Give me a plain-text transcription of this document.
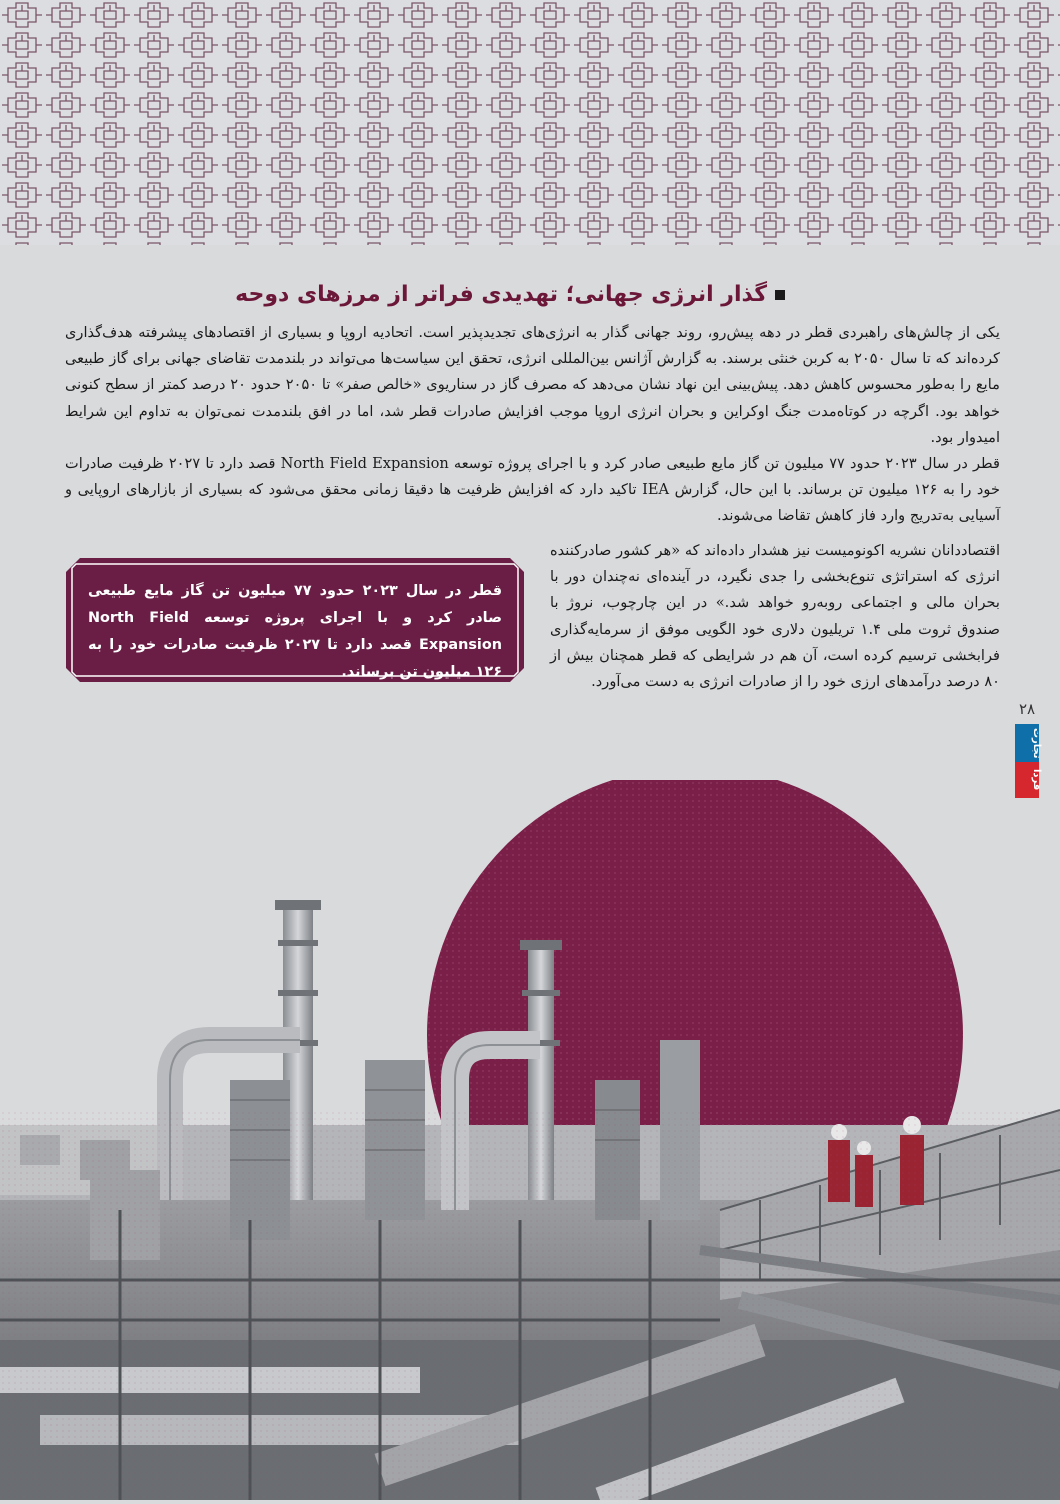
گذار انرژی جهانی؛ تهدیدی فراتر از مرزهای دوحه

یکی از چالش‌های راهبردی قطر در دهه پیش‌رو، روند جهانی گذار به انرژی‌های تجدیدپذیر است. اتحادیه اروپا و بسیاری از اقتصادهای پیشرفته هدف‌گذاری کرده‌اند که تا سال ۲۰۵۰ به کربن خنثی برسند. به گزارش آژانس بین‌المللی انرژی، تحقق این سیاست‌ها می‌تواند در بلندمدت تقاضای جهانی برای گاز طبیعی مایع را به‌طور محسوس کاهش دهد. پیش‌بینی این نهاد نشان می‌دهد که مصرف گاز در سناریوی «خالص صفر» تا ۲۰۵۰ حدود ۲۰ درصد کمتر از سطح کنونی خواهد بود. اگرچه در کوتاه‌مدت جنگ اوکراین و بحران انرژی اروپا موجب افزایش صادرات قطر شد، اما در افق بلندمدت نمی‌توان به تداوم این شرایط امیدوار بود.

قطر در سال ۲۰۲۳ حدود ۷۷ میلیون تن گاز مایع طبیعی صادر کرد و با اجرای پروژه توسعه North Field Expansion قصد دارد تا ۲۰۲۷ ظرفیت صادرات خود را به ۱۲۶ میلیون تن برساند. با این حال، گزارش IEA تاکید دارد که افزایش ظرفیت ها دقیقا زمانی محقق می‌شود که بسیاری از بازارهای اروپایی و آسیایی به‌تدریج وارد فاز کاهش تقاضا می‌شوند.

اقتصاددانان نشریه اکونومیست نیز هشدار داده‌اند که «هر کشور صادرکننده انرژی که استراتژی تنوع‌بخشی را جدی نگیرد، در آینده‌ای نه‌چندان دور با بحران مالی و اجتماعی روبه‌رو خواهد شد.» در این چارچوب، نروژ با صندوق ثروت ملی ۱.۴ تریلیون دلاری خود الگویی موفق از سرمایه‌گذاری فرابخشی ترسیم کرده است، آن هم در شرایطی که قطر همچنان بیش از ۸۰ درصد درآمدهای ارزی خود را از صادرات انرژی به دست می‌آورد.

قطر در سال ۲۰۲۳ حدود ۷۷ میلیون تن گاز مایع طبیعی صادر کرد و با اجرای پروژه توسعه North Field Expansion قصد دارد تا ۲۰۲۷ ظرفیت صادرات خود را به ۱۲۶ میلیون تن برساند.
۲۸
تجارت
فردا
